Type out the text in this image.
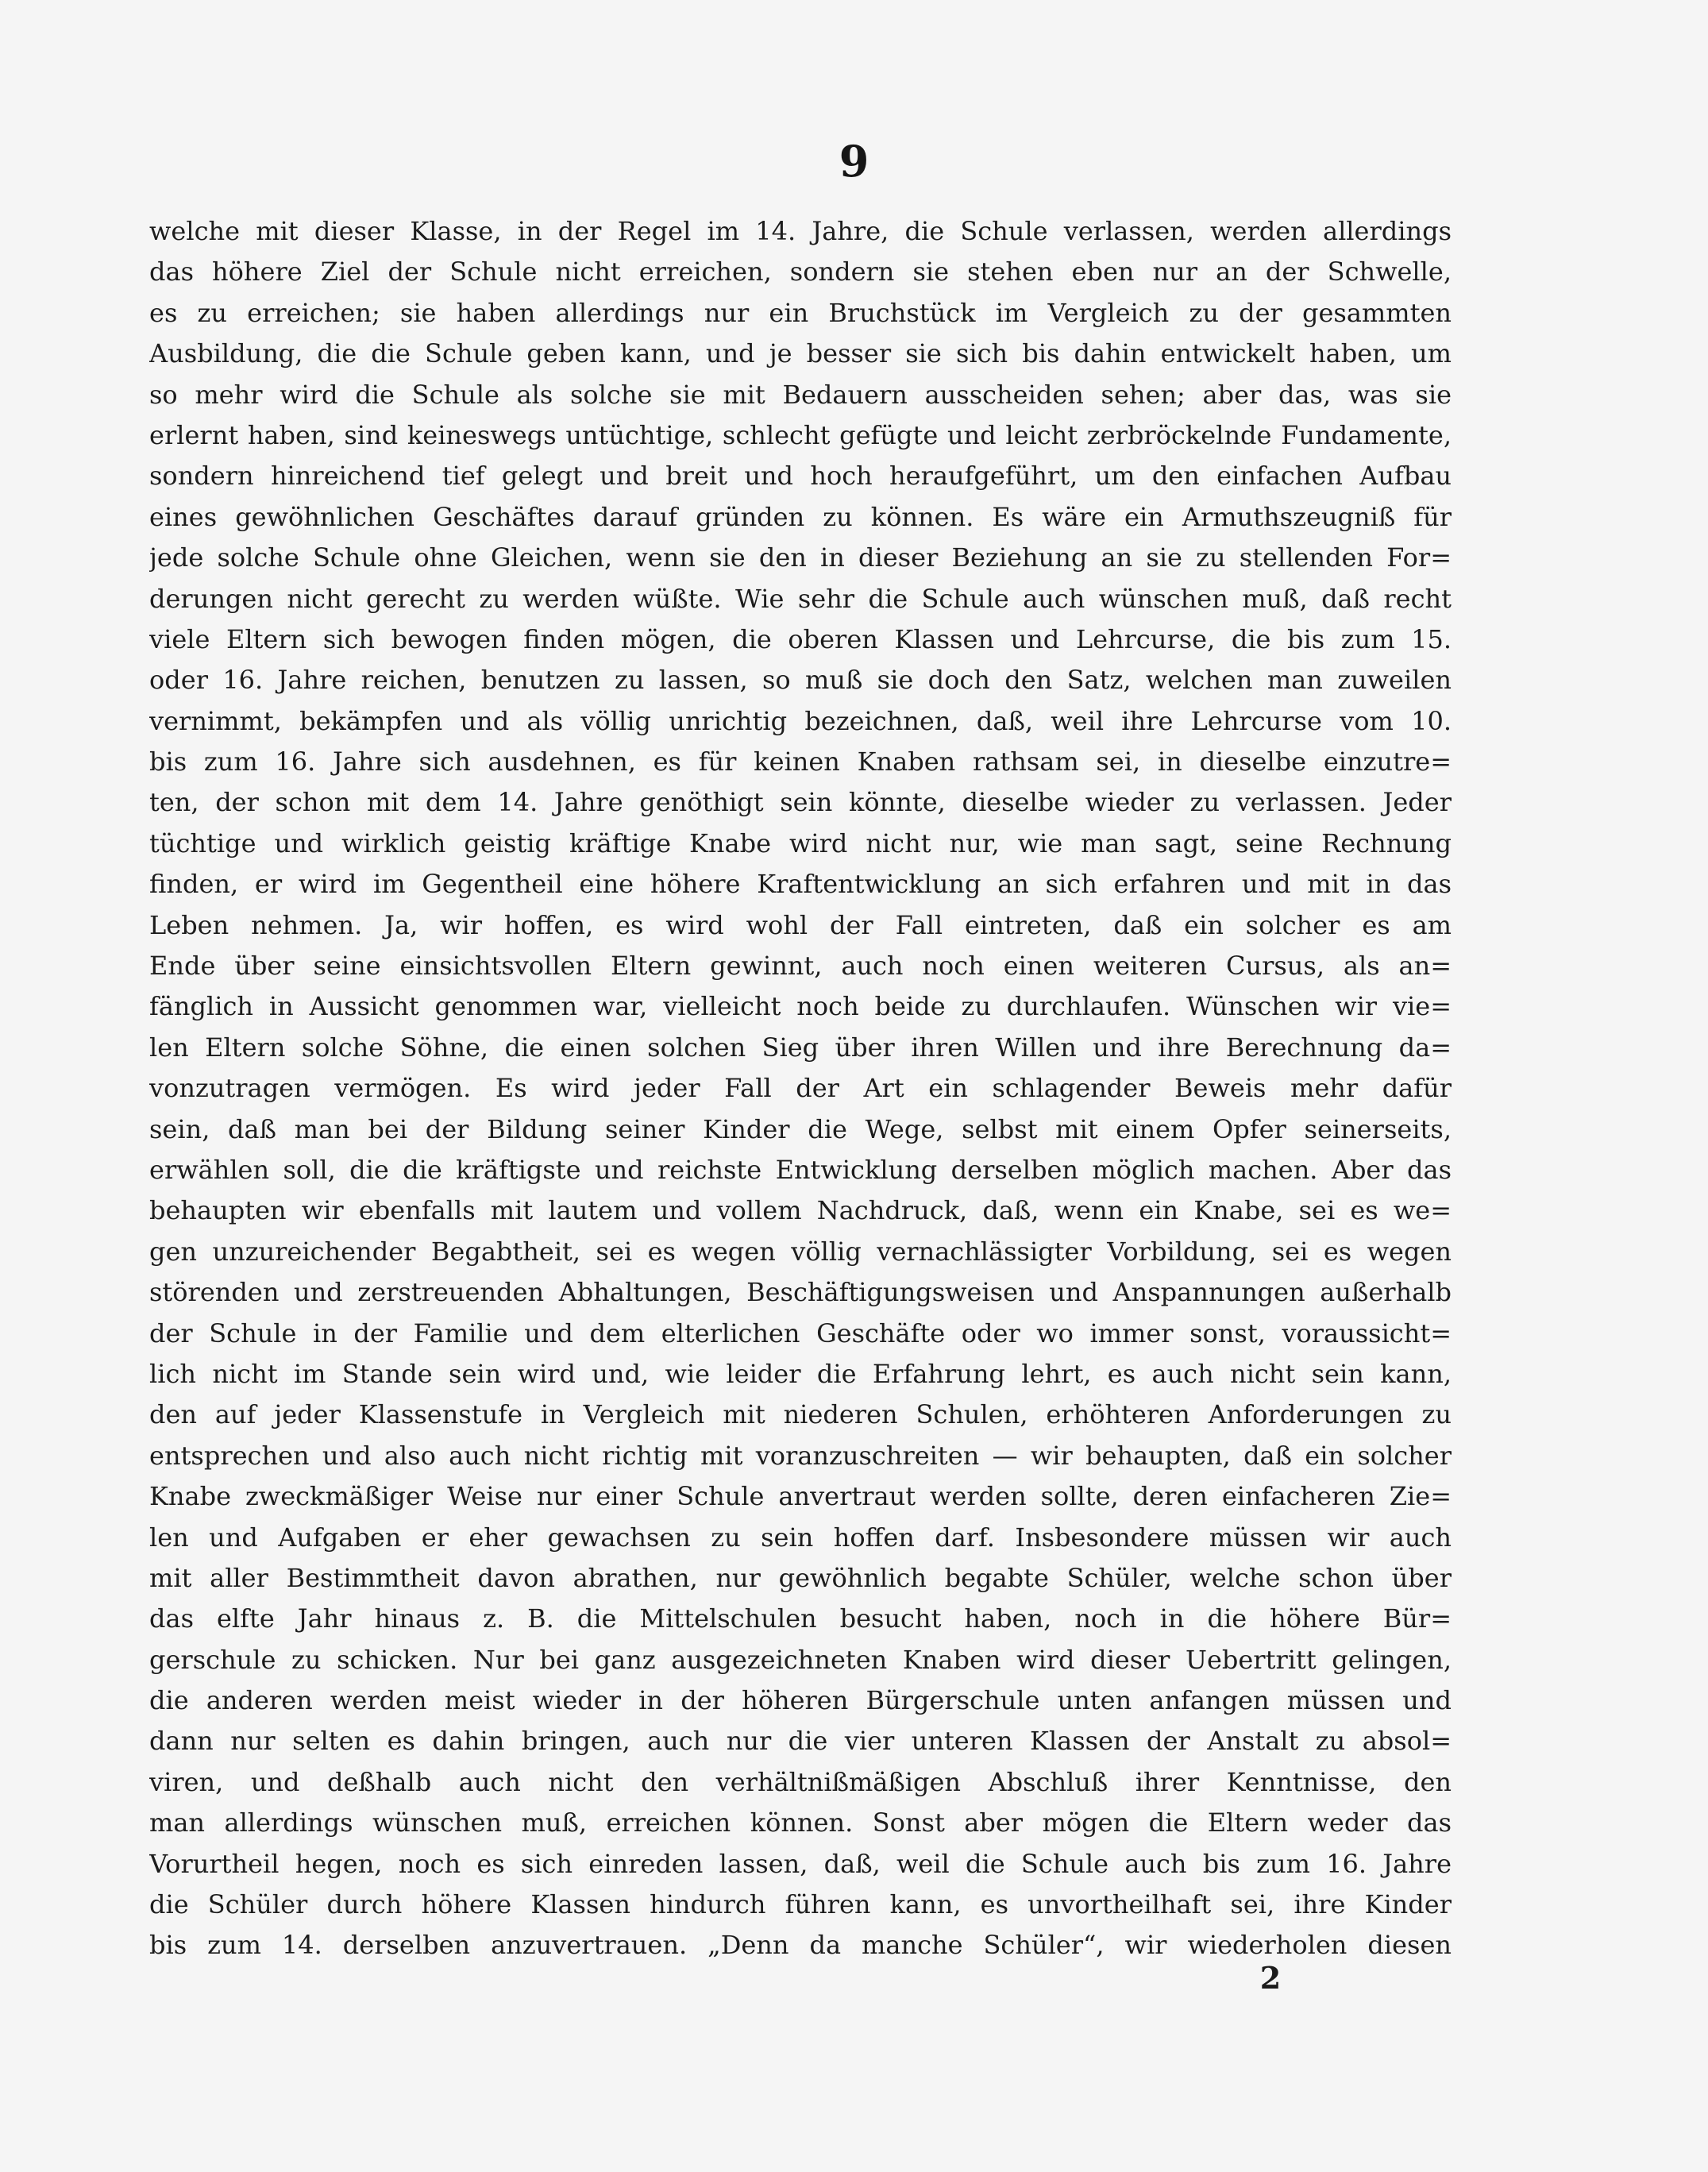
9
welche mit dieser Klasse, in der Regel im 14. Jahre, die Schule verlassen, werden allerdings
das höhere Ziel der Schule nicht erreichen, sondern sie stehen eben nur an der Schwelle,
es zu erreichen; sie haben allerdings nur ein Bruchstück im Vergleich zu der gesammten
Ausbildung, die die Schule geben kann, und je besser sie sich bis dahin entwickelt haben, um
so mehr wird die Schule als solche sie mit Bedauern ausscheiden sehen; aber das, was sie
erlernt haben, sind keineswegs untüchtige, schlecht gefügte und leicht zerbröckelnde Fundamente,
sondern hinreichend tief gelegt und breit und hoch heraufgeführt, um den einfachen Aufbau
eines gewöhnlichen Geschäftes darauf gründen zu können. Es wäre ein Armuthszeugniß für
jede solche Schule ohne Gleichen, wenn sie den in dieser Beziehung an sie zu stellenden For=
derungen nicht gerecht zu werden wüßte. Wie sehr die Schule auch wünschen muß, daß recht
viele Eltern sich bewogen finden mögen, die oberen Klassen und Lehrcurse, die bis zum 15.
oder 16. Jahre reichen, benutzen zu lassen, so muß sie doch den Satz, welchen man zuweilen
vernimmt, bekämpfen und als völlig unrichtig bezeichnen, daß, weil ihre Lehrcurse vom 10.
bis zum 16. Jahre sich ausdehnen, es für keinen Knaben rathsam sei, in dieselbe einzutre=
ten, der schon mit dem 14. Jahre genöthigt sein könnte, dieselbe wieder zu verlassen. Jeder
tüchtige und wirklich geistig kräftige Knabe wird nicht nur, wie man sagt, seine Rechnung
finden, er wird im Gegentheil eine höhere Kraftentwicklung an sich erfahren und mit in das
Leben nehmen. Ja, wir hoffen, es wird wohl der Fall eintreten, daß ein solcher es am
Ende über seine einsichtsvollen Eltern gewinnt, auch noch einen weiteren Cursus, als an=
fänglich in Aussicht genommen war, vielleicht noch beide zu durchlaufen. Wünschen wir vie=
len Eltern solche Söhne, die einen solchen Sieg über ihren Willen und ihre Berechnung da=
vonzutragen vermögen. Es wird jeder Fall der Art ein schlagender Beweis mehr dafür
sein, daß man bei der Bildung seiner Kinder die Wege, selbst mit einem Opfer seinerseits,
erwählen soll, die die kräftigste und reichste Entwicklung derselben möglich machen. Aber das
behaupten wir ebenfalls mit lautem und vollem Nachdruck, daß, wenn ein Knabe, sei es we=
gen unzureichender Begabtheit, sei es wegen völlig vernachlässigter Vorbildung, sei es wegen
störenden und zerstreuenden Abhaltungen, Beschäftigungsweisen und Anspannungen außerhalb
der Schule in der Familie und dem elterlichen Geschäfte oder wo immer sonst, voraussicht=
lich nicht im Stande sein wird und, wie leider die Erfahrung lehrt, es auch nicht sein kann,
den auf jeder Klassenstufe in Vergleich mit niederen Schulen, erhöhteren Anforderungen zu
entsprechen und also auch nicht richtig mit voranzuschreiten — wir behaupten, daß ein solcher
Knabe zweckmäßiger Weise nur einer Schule anvertraut werden sollte, deren einfacheren Zie=
len und Aufgaben er eher gewachsen zu sein hoffen darf. Insbesondere müssen wir auch
mit aller Bestimmtheit davon abrathen, nur gewöhnlich begabte Schüler, welche schon über
das elfte Jahr hinaus z. B. die Mittelschulen besucht haben, noch in die höhere Bür=
gerschule zu schicken. Nur bei ganz ausgezeichneten Knaben wird dieser Uebertritt gelingen,
die anderen werden meist wieder in der höheren Bürgerschule unten anfangen müssen und
dann nur selten es dahin bringen, auch nur die vier unteren Klassen der Anstalt zu absol=
viren, und deßhalb auch nicht den verhältnißmäßigen Abschluß ihrer Kenntnisse, den
man allerdings wünschen muß, erreichen können. Sonst aber mögen die Eltern weder das
Vorurtheil hegen, noch es sich einreden lassen, daß, weil die Schule auch bis zum 16. Jahre
die Schüler durch höhere Klassen hindurch führen kann, es unvortheilhaft sei, ihre Kinder
bis zum 14. derselben anzuvertrauen. „Denn da manche Schüler“, wir wiederholen diesen
2
